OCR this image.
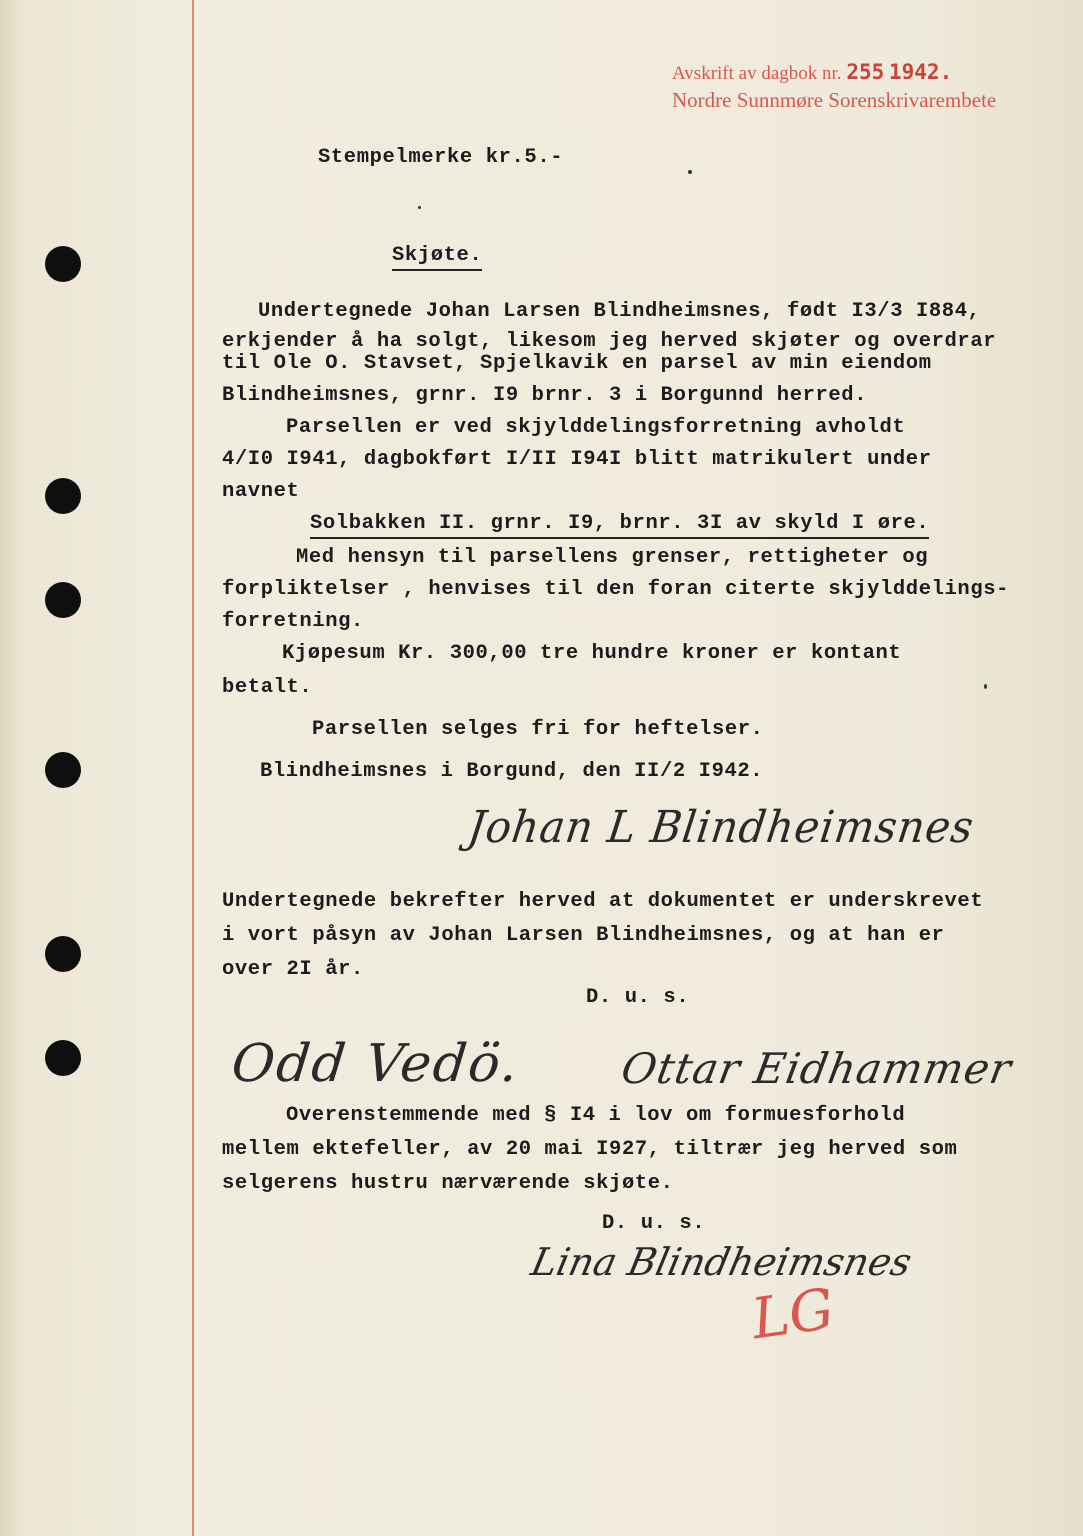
Avskrift av dagbok nr. 255 1942.
Nordre Sunnmøre Sorenskrivarembete
Stempelmerke kr.5.-
Skjøte.
Undertegnede Johan Larsen Blindheimsnes, født I3/3 I884,
erkjender å ha solgt, likesom jeg herved skjøter og overdrar
til Ole O. Stavset, Spjelkavik en parsel av min eiendom
Blindheimsnes, grnr. I9 brnr. 3 i Borgunnd herred.
Parsellen er ved skjylddelingsforretning avholdt
4/I0 I941, dagbokført I/II I94I blitt matrikulert under
navnet
Solbakken II. grnr. I9, brnr. 3I av skyld I øre.
Med hensyn til parsellens grenser, rettigheter og
forpliktelser , henvises til den foran citerte skjylddelings-
forretning.
Kjøpesum Kr. 300,00 tre hundre kroner er kontant
betalt.
Parsellen selges fri for heftelser.
Blindheimsnes i Borgund, den II/2 I942.
Johan L Blindheimsnes
Undertegnede bekrefter herved at dokumentet er underskrevet
i vort påsyn av Johan Larsen Blindheimsnes, og at han er
over 2I år.
D. u. s.
Odd Vedö. Ottar Eidhammer
Overenstemmende med § I4 i lov om formuesforhold
mellem ektefeller, av 20 mai I927, tiltrær jeg herved som
selgerens hustru nærværende skjøte.
D. u. s.
Lina Blindheimsnes
LG
